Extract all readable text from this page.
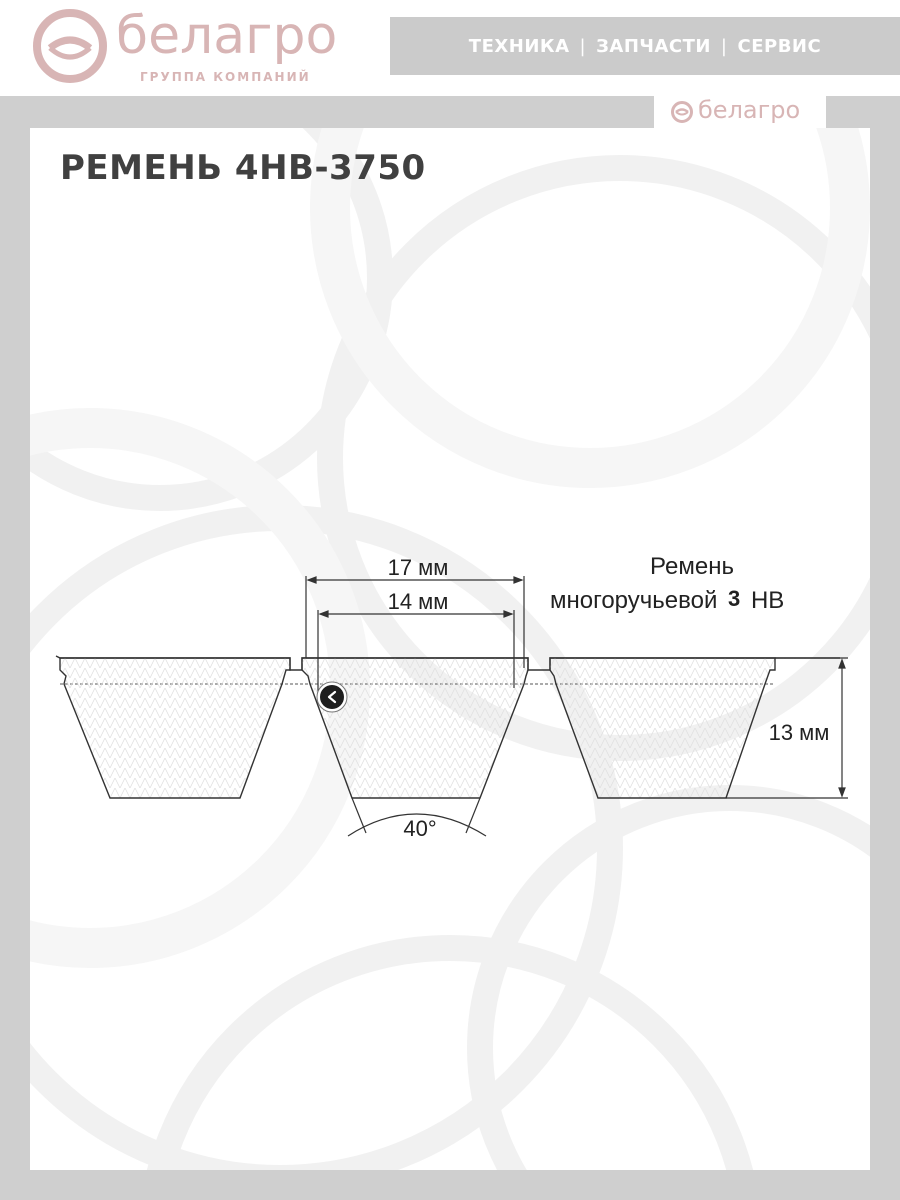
белагро
ГРУППА КОМПАНИЙ
ТЕХНИКА | ЗАПЧАСТИ | СЕРВИС
белагро
РЕМЕНЬ 4НВ-3750
17 мм
14 мм
13 мм
40°
Ремень
многоручьевой 3 НВ
